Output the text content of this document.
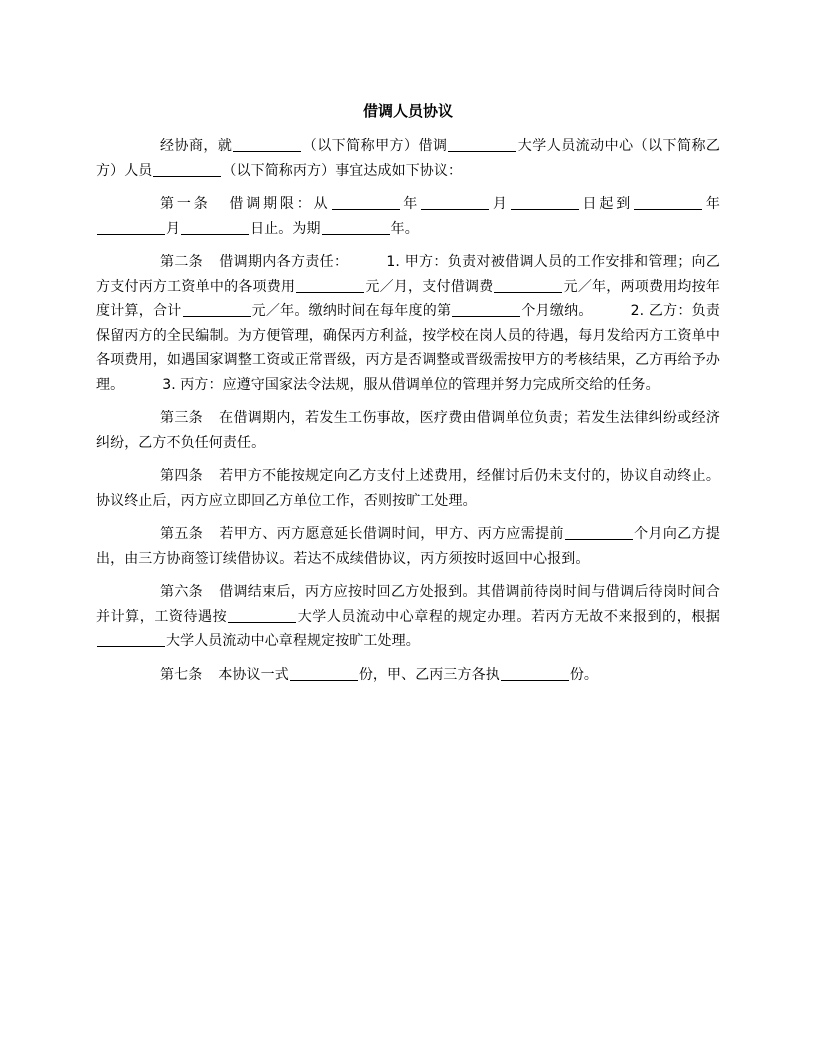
借调人员协议

经协商，就	（以下简称甲方）借调	大学人员流动中心（以下简称乙方）人员	（以下简称丙方）事宜达成如下协议：

第一条 借调期限：从	年	月	日起到	年月	日止。为期	年。

第二条 借调期内各方责任：	1. 甲方：负责对被借调人员的工作安排和管理；向乙方支付丙方工资单中的各项费用	元／月，支付借调费	元／年，两项费用均按年度计算，合计	元／年。缴纳时间在每年度的第	个月缴纳。	2. 乙方：负责保留丙方的全民编制。为方便管理，确保丙方利益，按学校在岗人员的待遇，每月发给丙方工资单中各项费用，如遇国家调整工资或正常晋级，丙方是否调整或晋级需按甲方的考核结果，乙方再给予办理。	3. 丙方：应遵守国家法令法规，服从借调单位的管理并努力完成所交给的任务。

第三条 在借调期内，若发生工伤事故，医疗费由借调单位负责；若发生法律纠纷或经济纠纷，乙方不负任何责任。

第四条 若甲方不能按规定向乙方支付上述费用，经催讨后仍未支付的，协议自动终止。协议终止后，丙方应立即回乙方单位工作，否则按旷工处理。

第五条 若甲方、丙方愿意延长借调时间，甲方、丙方应需提前	个月向乙方提出，由三方协商签订续借协议。若达不成续借协议，丙方须按时返回中心报到。

第六条 借调结束后，丙方应按时回乙方处报到。其借调前待岗时间与借调后待岗时间合并计算，工资待遇按	大学人员流动中心章程的规定办理。若丙方无故不来报到的，根据大学人员流动中心章程规定按旷工处理。

第七条 本协议一式	份，甲、乙丙三方各执	份。
